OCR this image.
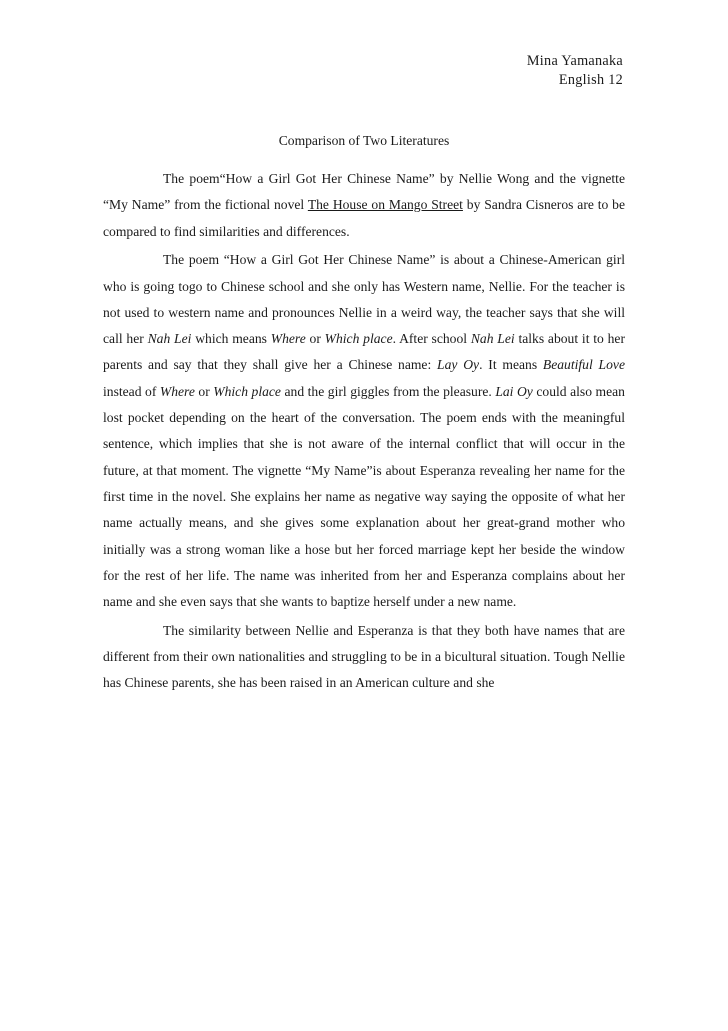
Mina Yamanaka
English 12
Comparison of Two Literatures

The poem“How a Girl Got Her Chinese Name” by Nellie Wong and the vignette “My Name” from the fictional novel The House on Mango Street by Sandra Cisneros are to be compared to find similarities and differences.

The poem “How a Girl Got Her Chinese Name” is about a Chinese-American girl who is going togo to Chinese school and she only has Western name, Nellie. For the teacher is not used to western name and pronounces Nellie in a weird way, the teacher says that she will call her Nah Lei which means Where or Which place. After school Nah Lei talks about it to her parents and say that they shall give her a Chinese name: Lay Oy. It means Beautiful Love instead of Where or Which place and the girl giggles from the pleasure. Lai Oy could also mean lost pocket depending on the heart of the conversation. The poem ends with the meaningful sentence, which implies that she is not aware of the internal conflict that will occur in the future, at that moment. The vignette “My Name”is about Esperanza revealing her name for the first time in the novel. She explains her name as negative way saying the opposite of what her name actually means, and she gives some explanation about her great-grand mother who initially was a strong woman like a hose but her forced marriage kept her beside the window for the rest of her life. The name was inherited from her and Esperanza complains about her name and she even says that she wants to baptize herself under a new name.

The similarity between Nellie and Esperanza is that they both have names that are different from their own nationalities and struggling to be in a bicultural situation. Tough Nellie has Chinese parents, she has been raised in an American culture and she
